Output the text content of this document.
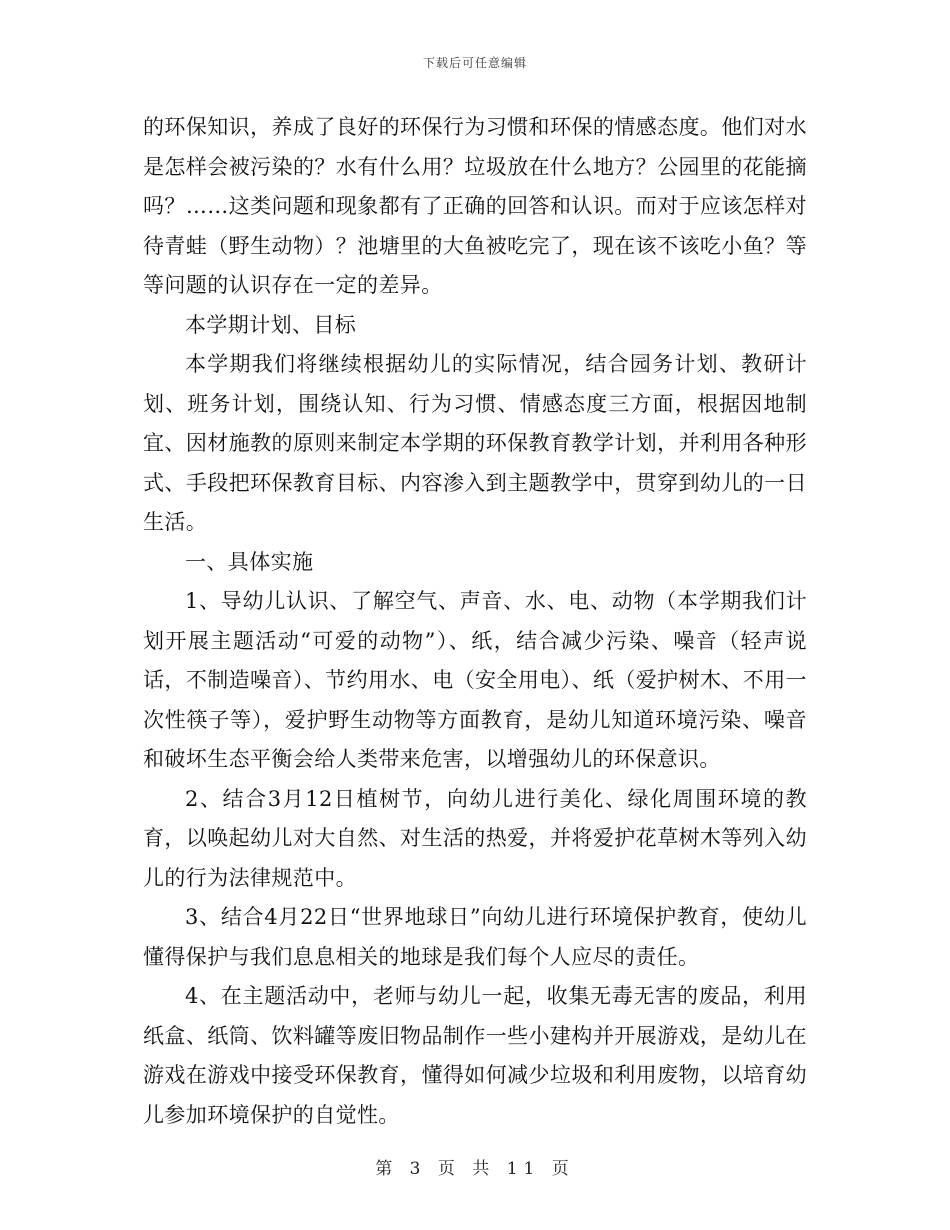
下载后可任意编辑

的环保知识，养成了良好的环保行为习惯和环保的情感态度。他们对水是怎样会被污染的？水有什么用？垃圾放在什么地方？公园里的花能摘吗？……这类问题和现象都有了正确的回答和认识。而对于应该怎样对待青蛙（野生动物）？池塘里的大鱼被吃完了，现在该不该吃小鱼？等等问题的认识存在一定的差异。

本学期计划、目标

本学期我们将继续根据幼儿的实际情况，结合园务计划、教研计划、班务计划，围绕认知、行为习惯、情感态度三方面，根据因地制宜、因材施教的原则来制定本学期的环保教育教学计划，并利用各种形式、手段把环保教育目标、内容渗入到主题教学中，贯穿到幼儿的一日生活。

一、具体实施

1、导幼儿认识、了解空气、声音、水、电、动物（本学期我们计划开展主题活动“可爱的动物”）、纸，结合减少污染、噪音（轻声说话，不制造噪音）、节约用水、电（安全用电）、纸（爱护树木、不用一次性筷子等），爱护野生动物等方面教育，是幼儿知道环境污染、噪音和破坏生态平衡会给人类带来危害，以增强幼儿的环保意识。

2、结合3月12日植树节，向幼儿进行美化、绿化周围环境的教育，以唤起幼儿对大自然、对生活的热爱，并将爱护花草树木等列入幼儿的行为法律规范中。

3、结合4月22日“世界地球日”向幼儿进行环境保护教育，使幼儿懂得保护与我们息息相关的地球是我们每个人应尽的责任。

4、在主题活动中，老师与幼儿一起，收集无毒无害的废品，利用纸盒、纸筒、饮料罐等废旧物品制作一些小建构并开展游戏，是幼儿在游戏在游戏中接受环保教育，懂得如何减少垃圾和利用废物，以培育幼儿参加环境保护的自觉性。

第 3 页 共 11 页
